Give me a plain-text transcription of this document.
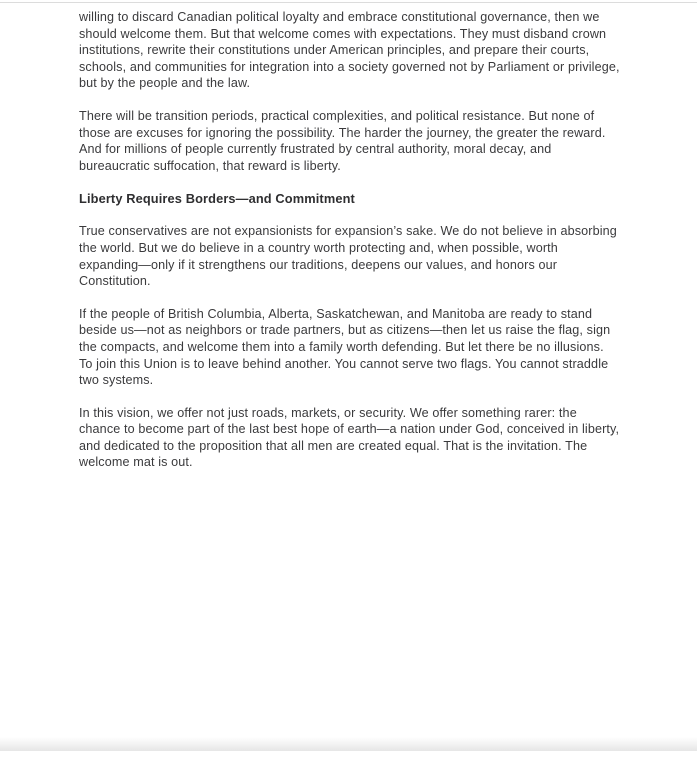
willing to discard Canadian political loyalty and embrace constitutional governance, then we should welcome them. But that welcome comes with expectations. They must disband crown institutions, rewrite their constitutions under American principles, and prepare their courts, schools, and communities for integration into a society governed not by Parliament or privilege, but by the people and the law.

There will be transition periods, practical complexities, and political resistance. But none of those are excuses for ignoring the possibility. The harder the journey, the greater the reward. And for millions of people currently frustrated by central authority, moral decay, and bureaucratic suffocation, that reward is liberty.

Liberty Requires Borders—and Commitment

True conservatives are not expansionists for expansion’s sake. We do not believe in absorbing the world. But we do believe in a country worth protecting and, when possible, worth expanding—only if it strengthens our traditions, deepens our values, and honors our Constitution.

If the people of British Columbia, Alberta, Saskatchewan, and Manitoba are ready to stand beside us—not as neighbors or trade partners, but as citizens—then let us raise the flag, sign the compacts, and welcome them into a family worth defending. But let there be no illusions. To join this Union is to leave behind another. You cannot serve two flags. You cannot straddle two systems.

In this vision, we offer not just roads, markets, or security. We offer something rarer: the chance to become part of the last best hope of earth—a nation under God, conceived in liberty, and dedicated to the proposition that all men are created equal. That is the invitation. The welcome mat is out.
